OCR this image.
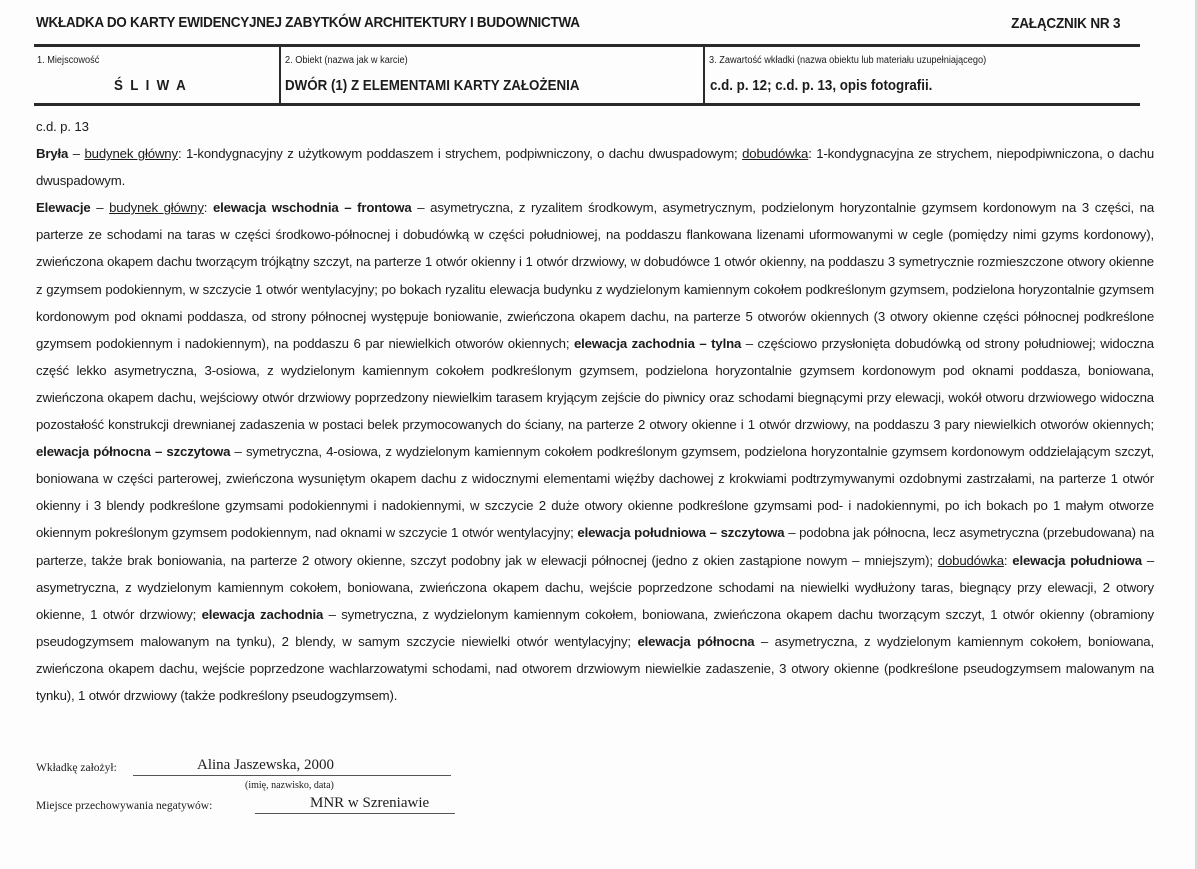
WKŁADKA DO KARTY EWIDENCYJNEJ ZABYTKÓW ARCHITEKTURY I BUDOWNICTWA	ZAŁĄCZNIK NR 3
1. Miejscowość
Ś L I W A
2. Obiekt (nazwa jak w karcie)
DWÓR (1) Z ELEMENTAMI KARTY ZAŁOŻENIA
3. Zawartość wkładki (nazwa obiektu lub materiału uzupełniającego)
c.d. p. 12; c.d. p. 13, opis fotografii.

c.d. p. 13

Bryła – budynek główny: 1-kondygnacyjny z użytkowym poddaszem i strychem, podpiwniczony, o dachu dwuspadowym; dobudówka: 1-kondygnacyjna ze strychem, niepodpiwniczona, o dachu dwuspadowym.

Elewacje – budynek główny: elewacja wschodnia – frontowa – asymetryczna, z ryzalitem środkowym, asymetrycznym, podzielonym horyzontalnie gzymsem kordonowym na 3 części, na parterze ze schodami na taras w części środkowo-północnej i dobudówką w części południowej, na poddaszu flankowana lizenami uformowanymi w cegle (pomiędzy nimi gzyms kordonowy), zwieńczona okapem dachu tworzącym trójkątny szczyt, na parterze 1 otwór okienny i 1 otwór drzwiowy, w dobudówce 1 otwór okienny, na poddaszu 3 symetrycznie rozmieszczone otwory okienne z gzymsem podokiennym, w szczycie 1 otwór wentylacyjny; po bokach ryzalitu elewacja budynku z wydzielonym kamiennym cokołem podkreślonym gzymsem, podzielona horyzontalnie gzymsem kordonowym pod oknami poddasza, od strony północnej występuje boniowanie, zwieńczona okapem dachu, na parterze 5 otworów okiennych (3 otwory okienne części północnej podkreślone gzymsem podokiennym i nadokiennym), na poddaszu 6 par niewielkich otworów okiennych; elewacja zachodnia – tylna – częściowo przysłonięta dobudówką od strony południowej; widoczna część lekko asymetryczna, 3-osiowa, z wydzielonym kamiennym cokołem podkreślonym gzymsem, podzielona horyzontalnie gzymsem kordonowym pod oknami poddasza, boniowana, zwieńczona okapem dachu, wejściowy otwór drzwiowy poprzedzony niewielkim tarasem kryjącym zejście do piwnicy oraz schodami biegnącymi przy elewacji, wokół otworu drzwiowego widoczna pozostałość konstrukcji drewnianej zadaszenia w postaci belek przymocowanych do ściany, na parterze 2 otwory okienne i 1 otwór drzwiowy, na poddaszu 3 pary niewielkich otworów okiennych; elewacja północna – szczytowa – symetryczna, 4-osiowa, z wydzielonym kamiennym cokołem podkreślonym gzymsem, podzielona horyzontalnie gzymsem kordonowym oddzielającym szczyt, boniowana w części parterowej, zwieńczona wysuniętym okapem dachu z widocznymi elementami więźby dachowej z krokwiami podtrzymywanymi ozdobnymi zastrzałami, na parterze 1 otwór okienny i 3 blendy podkreślone gzymsami podokiennymi i nadokiennymi, w szczycie 2 duże otwory okienne podkreślone gzymsami pod- i nadokiennymi, po ich bokach po 1 małym otworze okiennym pokreślonym gzymsem podokiennym, nad oknami w szczycie 1 otwór wentylacyjny; elewacja południowa – szczytowa – podobna jak północna, lecz asymetryczna (przebudowana) na parterze, także brak boniowania, na parterze 2 otwory okienne, szczyt podobny jak w elewacji północnej (jedno z okien zastąpione nowym – mniejszym); dobudówka: elewacja południowa – asymetryczna, z wydzielonym kamiennym cokołem, boniowana, zwieńczona okapem dachu, wejście poprzedzone schodami na niewielki wydłużony taras, biegnący przy elewacji, 2 otwory okienne, 1 otwór drzwiowy; elewacja zachodnia – symetryczna, z wydzielonym kamiennym cokołem, boniowana, zwieńczona okapem dachu tworzącym szczyt, 1 otwór okienny (obramiony pseudogzymsem malowanym na tynku), 2 blendy, w samym szczycie niewielki otwór wentylacyjny; elewacja północna – asymetryczna, z wydzielonym kamiennym cokołem, boniowana, zwieńczona okapem dachu, wejście poprzedzone wachlarzowatymi schodami, nad otworem drzwiowym niewielkie zadaszenie, 3 otwory okienne (podkreślone pseudogzymsem malowanym na tynku), 1 otwór drzwiowy (także podkreślony pseudogzymsem).

Wkładkę założył:	Alina Jaszewska, 2000
(imię, nazwisko, data)
Miejsce przechowywania negatywów:	MNR w Szreniawie
